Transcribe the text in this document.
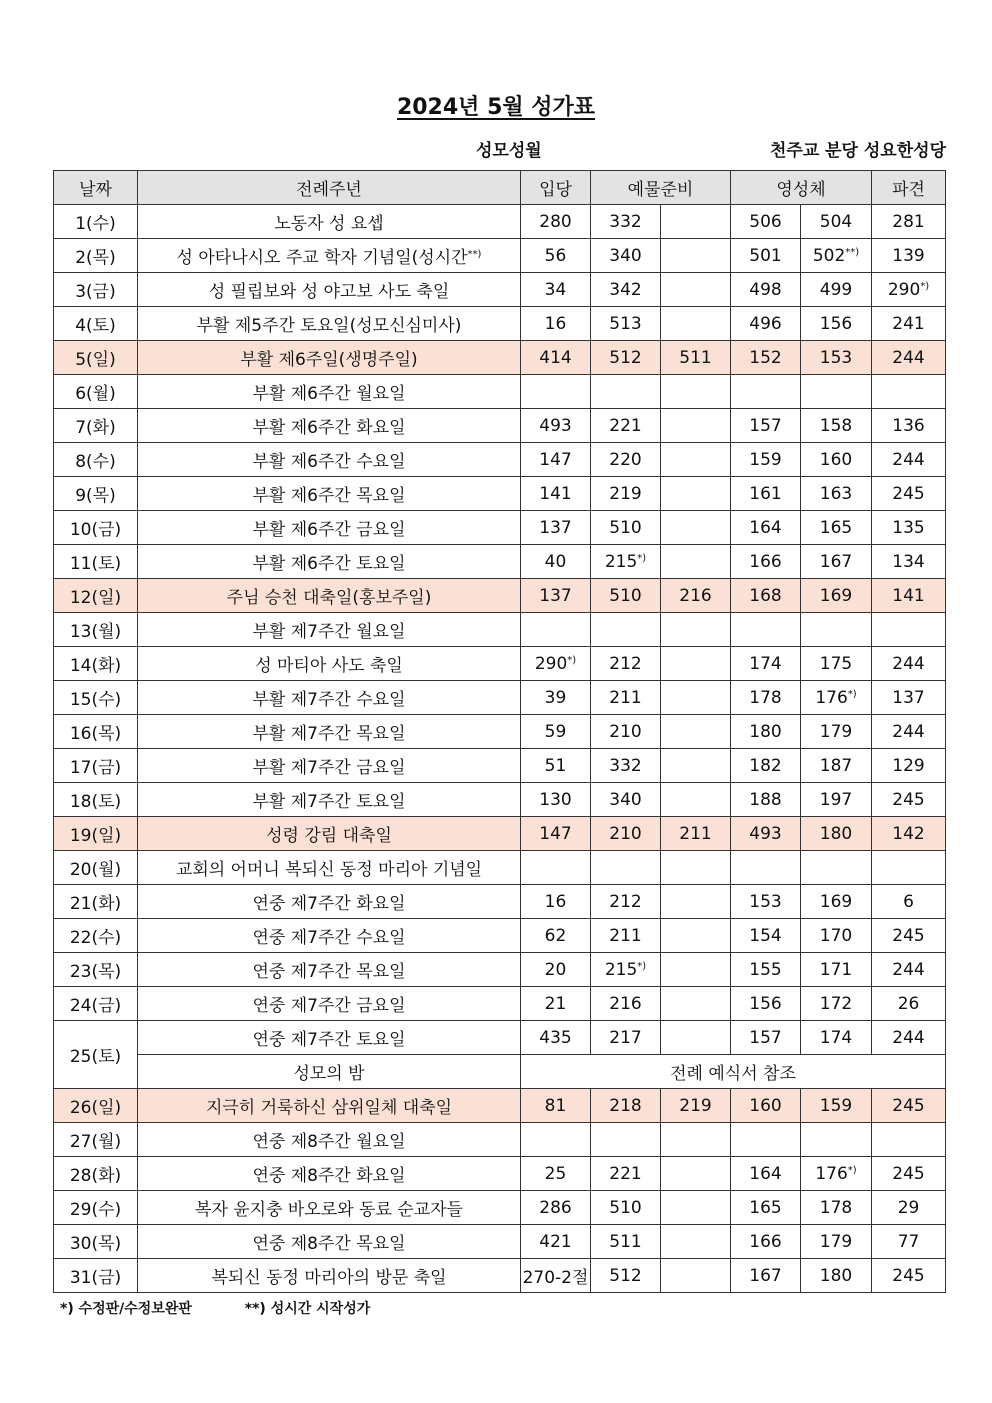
2024년 5월 성가표
성모성월	천주교 분당 성요한성당
날짜	전례주년	입당	예물준비		영성체		파견
1(수)	노동자 성 요셉	280	332		506	504	281
2(목)	성 아타나시오 주교 학자 기념일(성시간**)	56	340		501	502**)	139
3(금)	성 필립보와 성 야고보 사도 축일	34	342		498	499	290*)
4(토)	부활 제5주간 토요일(성모신심미사)	16	513		496	156	241
5(일)	부활 제6주일(생명주일)	414	512	511	152	153	244
6(월)	부활 제6주간 월요일						
7(화)	부활 제6주간 화요일	493	221		157	158	136
8(수)	부활 제6주간 수요일	147	220		159	160	244
9(목)	부활 제6주간 목요일	141	219		161	163	245
10(금)	부활 제6주간 금요일	137	510		164	165	135
11(토)	부활 제6주간 토요일	40	215*)		166	167	134
12(일)	주님 승천 대축일(홍보주일)	137	510	216	168	169	141
13(월)	부활 제7주간 월요일						
14(화)	성 마티아 사도 축일	290*)	212		174	175	244
15(수)	부활 제7주간 수요일	39	211		178	176*)	137
16(목)	부활 제7주간 목요일	59	210		180	179	244
17(금)	부활 제7주간 금요일	51	332		182	187	129
18(토)	부활 제7주간 토요일	130	340		188	197	245
19(일)	성령 강림 대축일	147	210	211	493	180	142
20(월)	교회의 어머니 복되신 동정 마리아 기념일						
21(화)	연중 제7주간 화요일	16	212		153	169	6
22(수)	연중 제7주간 수요일	62	211		154	170	245
23(목)	연중 제7주간 목요일	20	215*)		155	171	244
24(금)	연중 제7주간 금요일	21	216		156	172	26
25(토)	연중 제7주간 토요일	435	217		157	174	244
	성모의 밤	전례 예식서 참조					
26(일)	지극히 거룩하신 삼위일체 대축일	81	218	219	160	159	245
27(월)	연중 제8주간 월요일						
28(화)	연중 제8주간 화요일	25	221		164	176*)	245
29(수)	복자 윤지충 바오로와 동료 순교자들	286	510		165	178	29
30(목)	연중 제8주간 목요일	421	511		166	179	77
31(금)	복되신 동정 마리아의 방문 축일	270-2절	512		167	180	245
*) 수정판/수정보완판	**) 성시간 시작성가
